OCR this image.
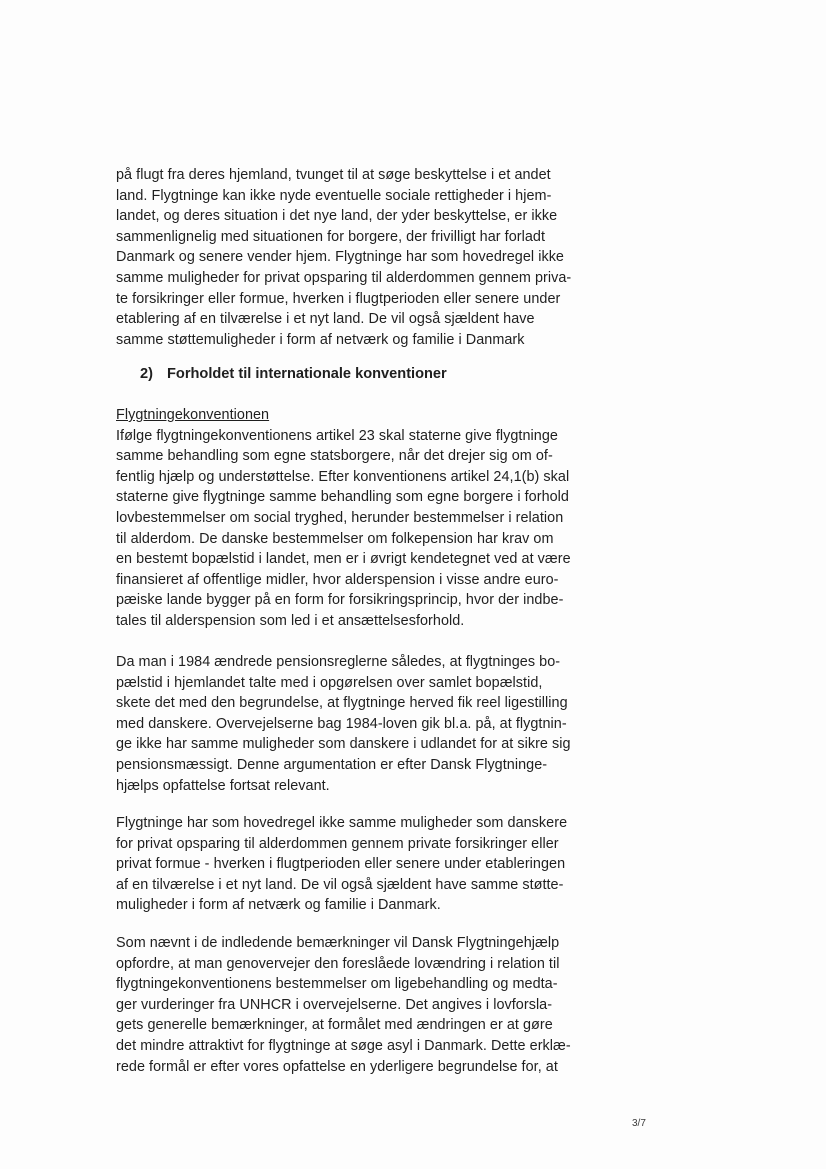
på flugt fra deres hjemland, tvunget til at søge beskyttelse i et andet
land. Flygtninge kan ikke nyde eventuelle sociale rettigheder i hjem-
landet, og deres situation i det nye land, der yder beskyttelse, er ikke
sammenlignelig med situationen for borgere, der frivilligt har forladt
Danmark og senere vender hjem. Flygtninge har som hovedregel ikke
samme muligheder for privat opsparing til alderdommen gennem priva-
te forsikringer eller formue, hverken i flugtperioden eller senere under
etablering af en tilværelse i et nyt land. De vil også sjældent have
samme støttemuligheder i form af netværk og familie i Danmark
2) Forholdet til internationale konventioner
Flygtningekonventionen
Ifølge flygtningekonventionens artikel 23 skal staterne give flygtninge
samme behandling som egne statsborgere, når det drejer sig om of-
fentlig hjælp og understøttelse. Efter konventionens artikel 24,1(b) skal
staterne give flygtninge samme behandling som egne borgere i forhold
lovbestemmelser om social tryghed, herunder bestemmelser i relation
til alderdom. De danske bestemmelser om folkepension har krav om
en bestemt bopælstid i landet, men er i øvrigt kendetegnet ved at være
finansieret af offentlige midler, hvor alderspension i visse andre euro-
pæiske lande bygger på en form for forsikringsprincip, hvor der indbe-
tales til alderspension som led i et ansættelsesforhold.
Da man i 1984 ændrede pensionsreglerne således, at flygtninges bo-
pælstid i hjemlandet talte med i opgørelsen over samlet bopælstid,
skete det med den begrundelse, at flygtninge herved fik reel ligestilling
med danskere. Overvejelserne bag 1984-loven gik bl.a. på, at flygtnin-
ge ikke har samme muligheder som danskere i udlandet for at sikre sig
pensionsmæssigt. Denne argumentation er efter Dansk Flygtninge-
hjælps opfattelse fortsat relevant.
Flygtninge har som hovedregel ikke samme muligheder som danskere
for privat opsparing til alderdommen gennem private forsikringer eller
privat formue - hverken i flugtperioden eller senere under etableringen
af en tilværelse i et nyt land. De vil også sjældent have samme støtte-
muligheder i form af netværk og familie i Danmark.
Som nævnt i de indledende bemærkninger vil Dansk Flygtningehjælp
opfordre, at man genovervejer den foreslåede lovændring i relation til
flygtningekonventionens bestemmelser om ligebehandling og medta-
ger vurderinger fra UNHCR i overvejelserne. Det angives i lovforsla-
gets generelle bemærkninger, at formålet med ændringen er at gøre
det mindre attraktivt for flygtninge at søge asyl i Danmark. Dette erklæ-
rede formål er efter vores opfattelse en yderligere begrundelse for, at
3/7
